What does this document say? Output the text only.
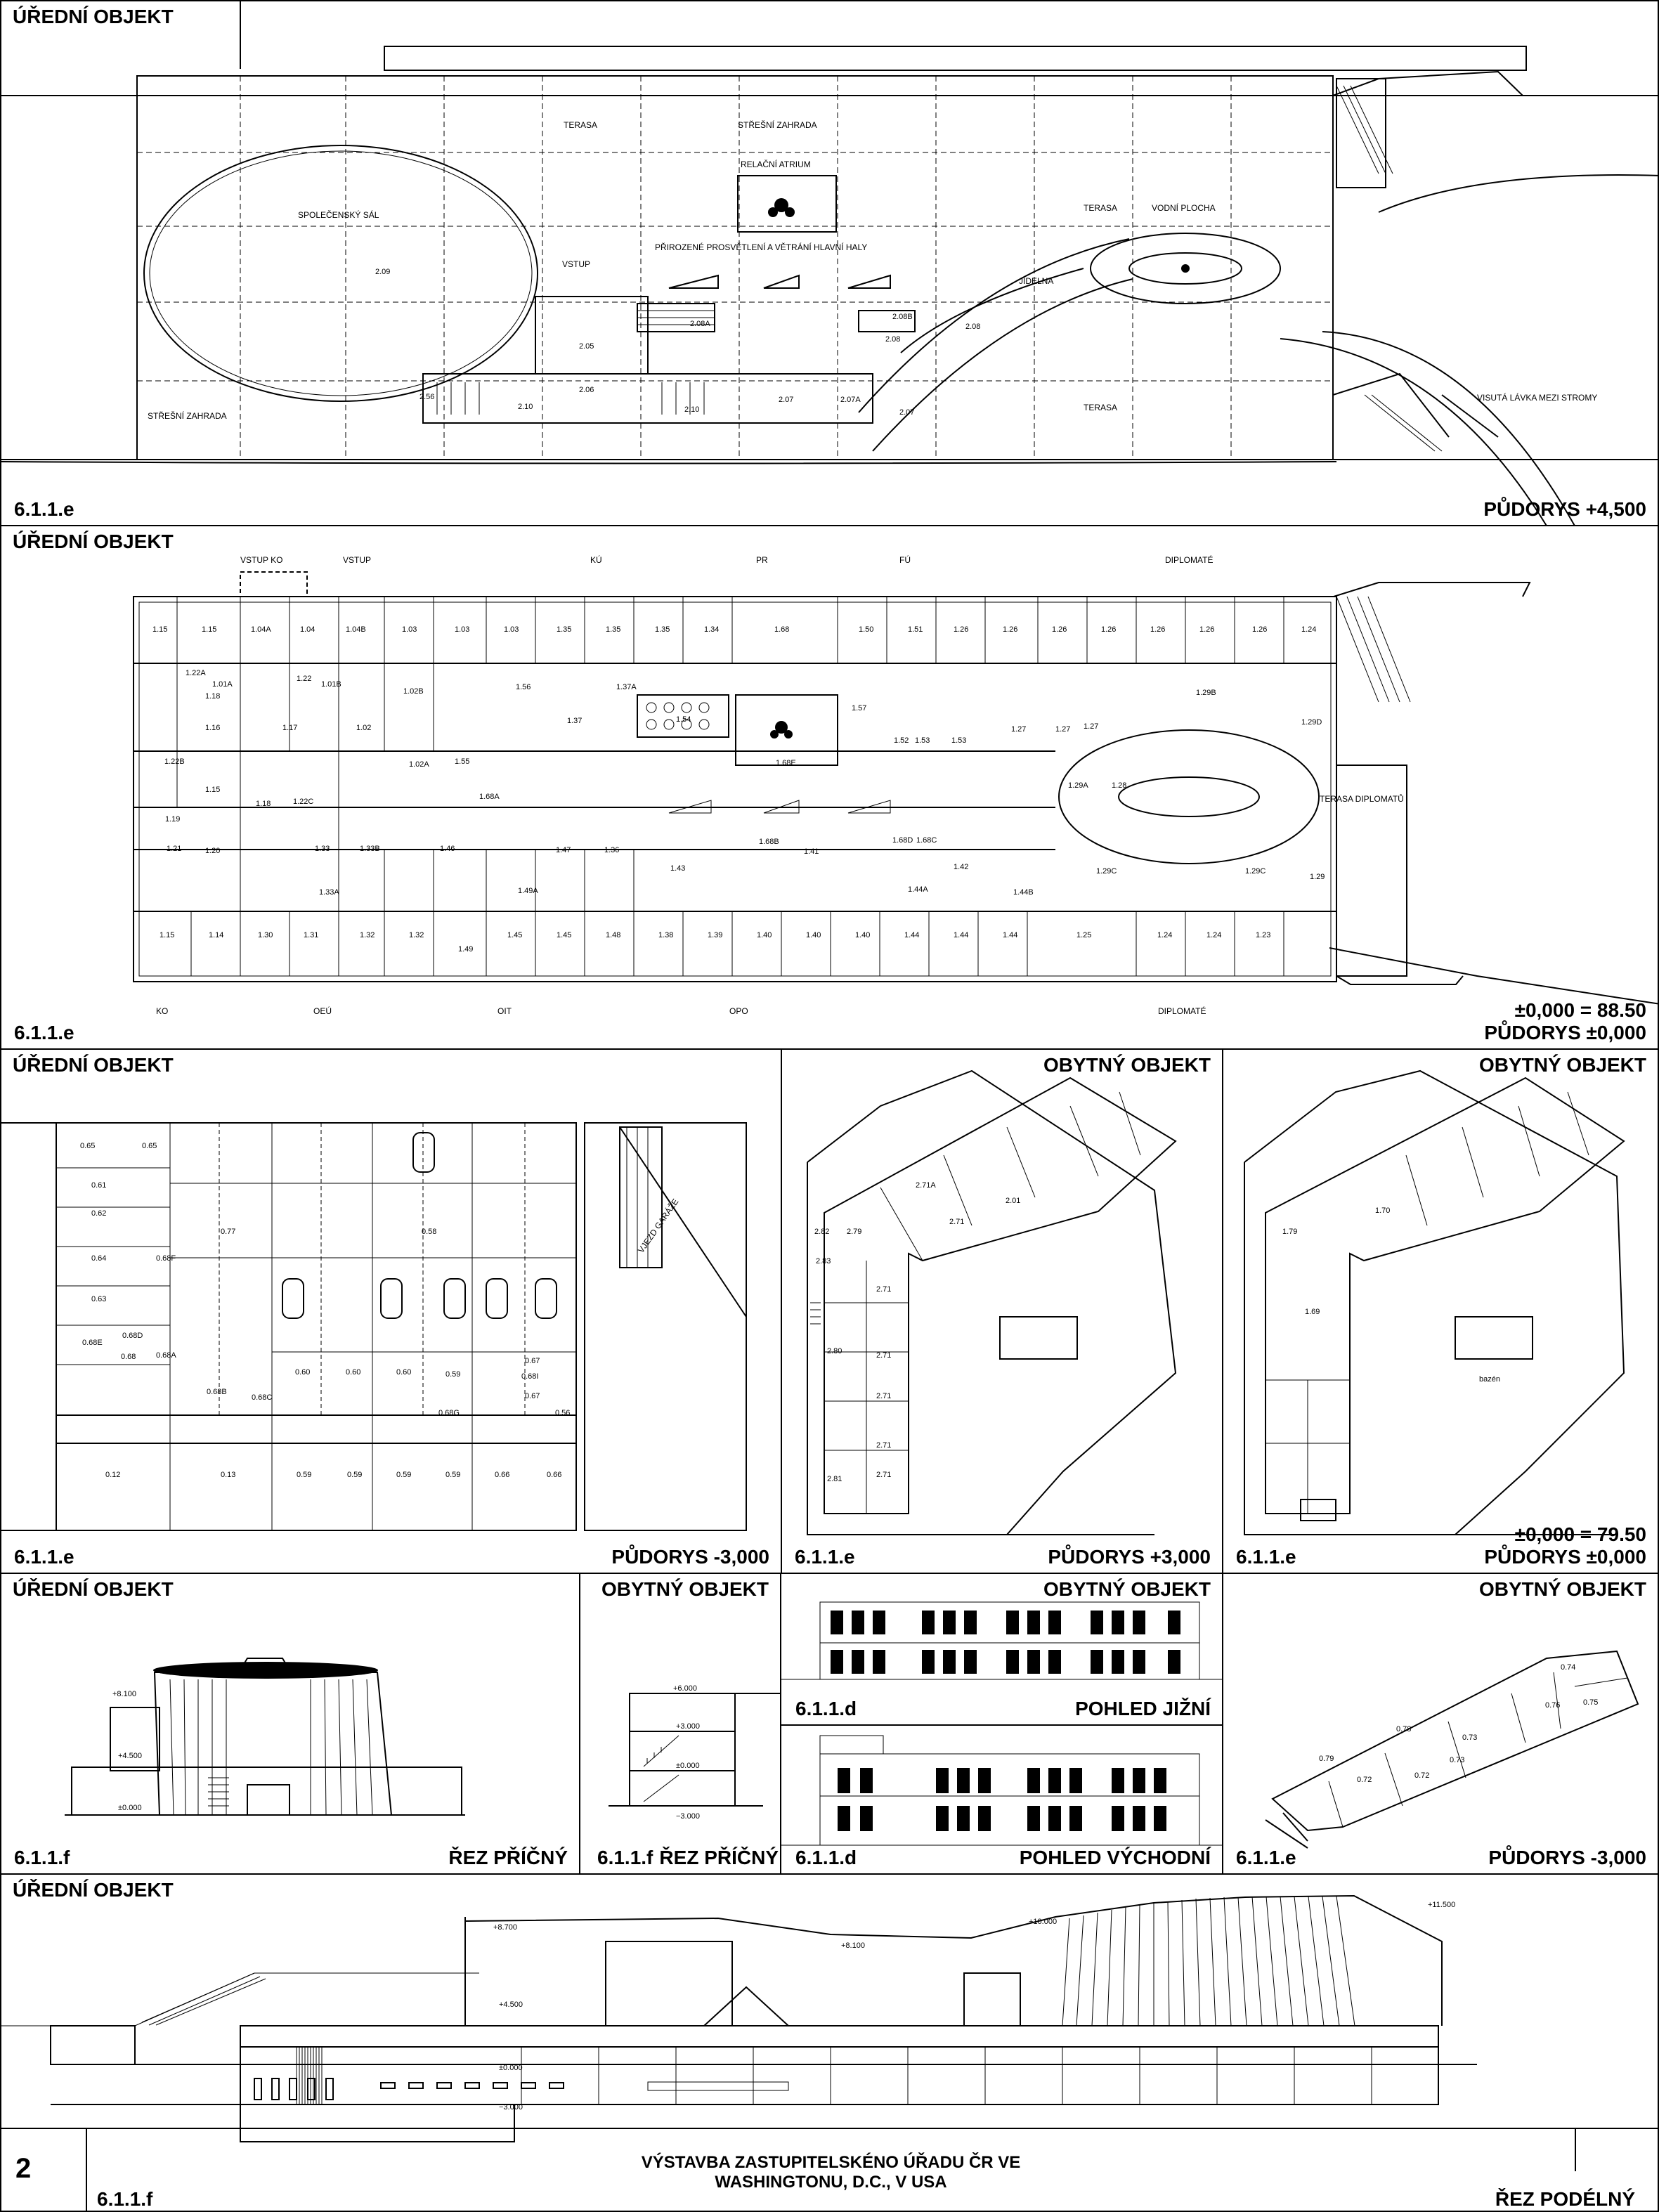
ÚŘEDNÍ OBJEKT
6.1.1.e	PŮDORYS +4,500
TERASA	STŘEŠNÍ ZAHRADA
RELAČNÍ ATRIUM
SPOLEČENSKÝ SÁL
VSTUP
PŘIROZENÉ PROSVĚTLENÍ A VĚTRÁNÍ HLAVNÍ HALY
TERASA	VODNÍ PLOCHA
JÍDELNA
STŘEŠNÍ ZAHRADA
TERASA
VISUTÁ LÁVKA MEZI STROMY
2.09
2.05
2.06
2.10	2.10
2.56
2.08A
2.07	2.07A
2.07
2.08
2.08
2.08B
ÚŘEDNÍ OBJEKT
6.1.1.e
±0,000 = 88.50
PŮDORYS ±0,000
VSTUP KO	VSTUP	KÚ	PR	FÚ	DIPLOMATÉ
KO	OEÚ	OIT	OPO	DIPLOMATÉ
TERASA DIPLOMATŮ
1.15	1.15	1.04A	1.04	1.04B	1.03	1.03	1.03	1.35	1.35	1.35	1.34	1.68	1.50	1.51	1.26	1.26	1.26	1.26	1.26	1.26	1.26	1.24
1.15	1.14	1.30	1.31	1.32	1.32
1.49
1.45	1.45	1.48	1.38	1.39	1.40	1.40	1.40	1.44	1.44	1.44	1.25	1.24	1.24	1.23
1.22A
1.01A
1.22
1.01B
1.18
1.16	1.17	1.02
1.02B	1.37A
1.37	1.54
1.57
1.52 1.53	1.53
1.29B
1.27	1.27 1.27	1.29D
1.22B
1.15
1.18	1.22C
1.19
1.21	1.20	1.33	1.33B
1.33A
1.46	1.47	1.36
1.49A
1.43
1.68B
1.41
1.68D 1.68C
1.42
1.44A	1.44B
1.29A	1.28
1.29C	1.29C
1.29
1.68A
1.68E
1.02A	1.55
1.56
ÚŘEDNÍ OBJEKT
6.1.1.e	PŮDORYS -3,000
VJEZD GARÁŽE
0.65	0.65
0.61
0.62
0.64	0.68F
0.63
0.77	0.58
0.68D
0.68E
0.68	0.68A
0.68B
0.68C
0.60	0.60	0.60	0.59
0.67
0.68I
0.67
0.56
0.68G
0.12	0.13	0.59	0.59	0.59	0.59	0.66	0.66
OBYTNÝ OBJEKT
6.1.1.e	PŮDORYS +3,000
2.71A
2.01
2.71
2.82 2.79
2.83
2.71
2.80	2.71
2.71
2.71
2.81	2.71
OBYTNÝ OBJEKT
6.1.1.e
±0,000 = 79.50
PŮDORYS ±0,000
bazén
1.70
1.79
1.69
ÚŘEDNÍ OBJEKT
6.1.1.f	ŘEZ PŘÍČNÝ
+8.100
+4.500
±0.000
OBYTNÝ OBJEKT
6.1.1.f ŘEZ PŘÍČNÝ
+6.000
+3.000
±0.000
−3.000
OBYTNÝ OBJEKT
6.1.1.d	POHLED JIŽNÍ
6.1.1.d	POHLED VÝCHODNÍ
OBYTNÝ OBJEKT
6.1.1.e	PŮDORYS -3,000
0.74
0.76	0.75
0.78
0.73
0.73
0.79
0.72	0.72
ÚŘEDNÍ OBJEKT
+11.500
+10.000
+8.700
+8.100
+4.500
±0.000
−3.000
2	VÝSTAVBA ZASTUPITELSKÉNO ÚŘADU ČR VE
WASHINGTONU, D.C., V USA
6.1.1.f	ŘEZ PODÉLNÝ
